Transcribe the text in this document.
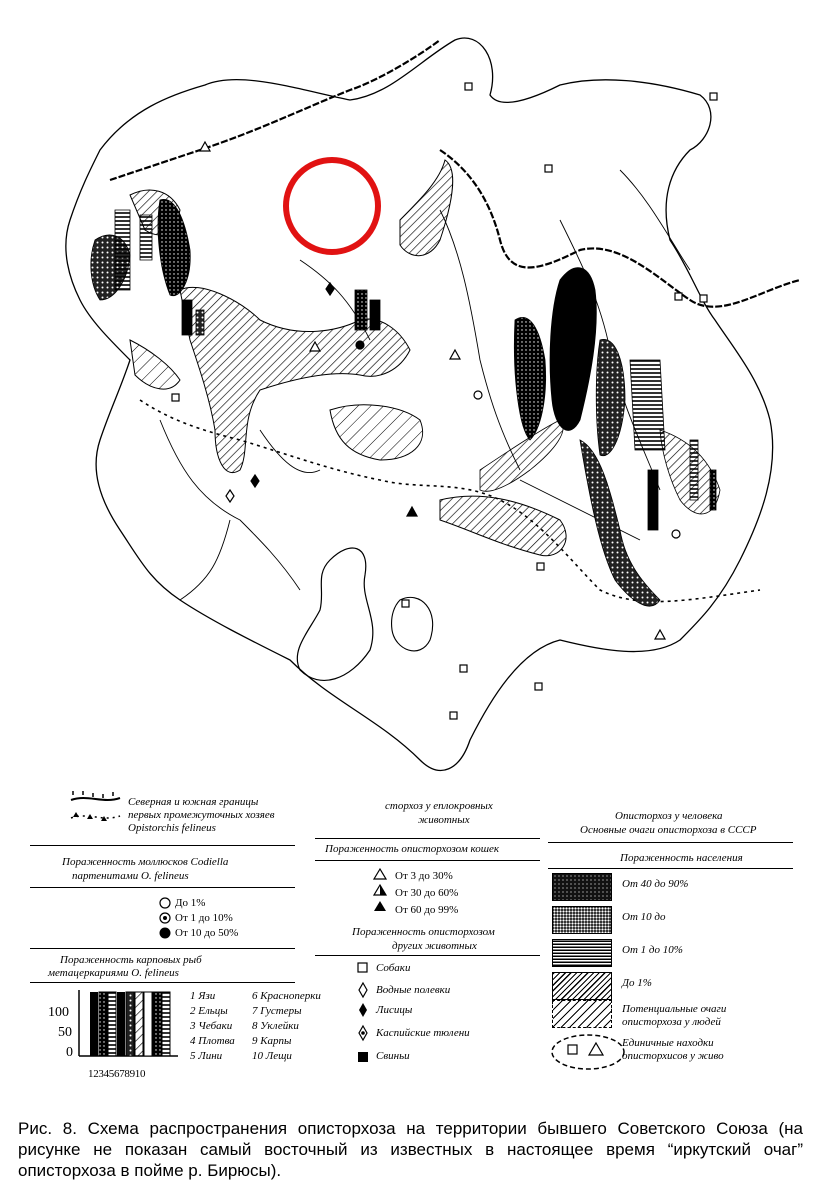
Северная и южная границы
первых промежуточных хозяев
Opistorchis felineus
Пораженность моллюсков Codiella
партенитами O. felineus
До 1%
От 1 до 10%
От 10 до 50%
Пораженность карповых рыб
метацеркариями O. felineus
100
50
0
12345678910
1 Язи
2 Ельцы
3 Чебаки
4 Плотва
5 Лини
6 Красноперки
7 Густеры
8 Уклейки
9 Карпы
10 Лещи
сторхоз у еплокровных
животных
Пораженность описторхозом кошек
От 3 до 30%
От 30 до 60%
От 60 до 99%
Пораженность описторхозом
других животных
Собаки
Водные полевки
Лисицы
Каспийские тюлени
Свиньи
Описторхоз у человека
Основные очаги описторхоза в СССР
Пораженность населения
От 40 до 90%
От 10 до
От 1 до 10%
До 1%
Потенциальные очаги
описторхоза у людей
Единичные находки
описторхисов у живо
Рис. 8. Схема распространения описторхоза на территории бывшего Советского Союза (на рисунке не показан самый восточный из известных в настоящее время “иркутский очаг” описторхоза в пойме р. Бирюсы).
